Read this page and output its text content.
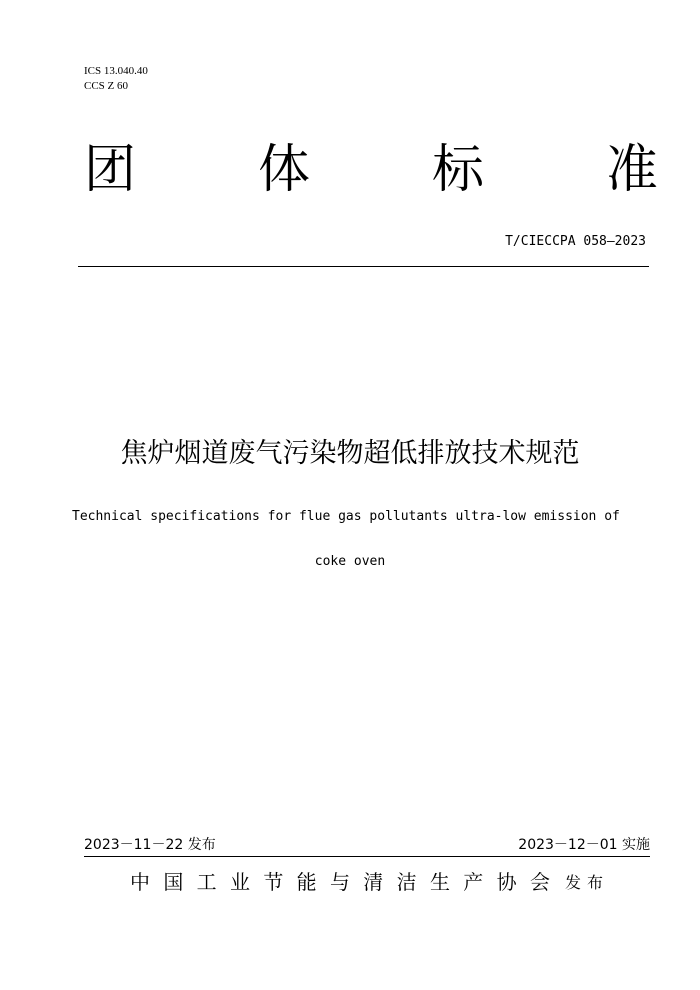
ICS 13.040.40
CCS Z 60
团 体 标 准
T/CIECCPA 058—2023
焦炉烟道废气污染物超低排放技术规范
Technical specifications for flue gas pollutants ultra-low emission of
coke oven
2023－11－22 发布	2023－12－01 实施
中 国 工 业 节 能 与 清 洁 生 产 协 会 发布
